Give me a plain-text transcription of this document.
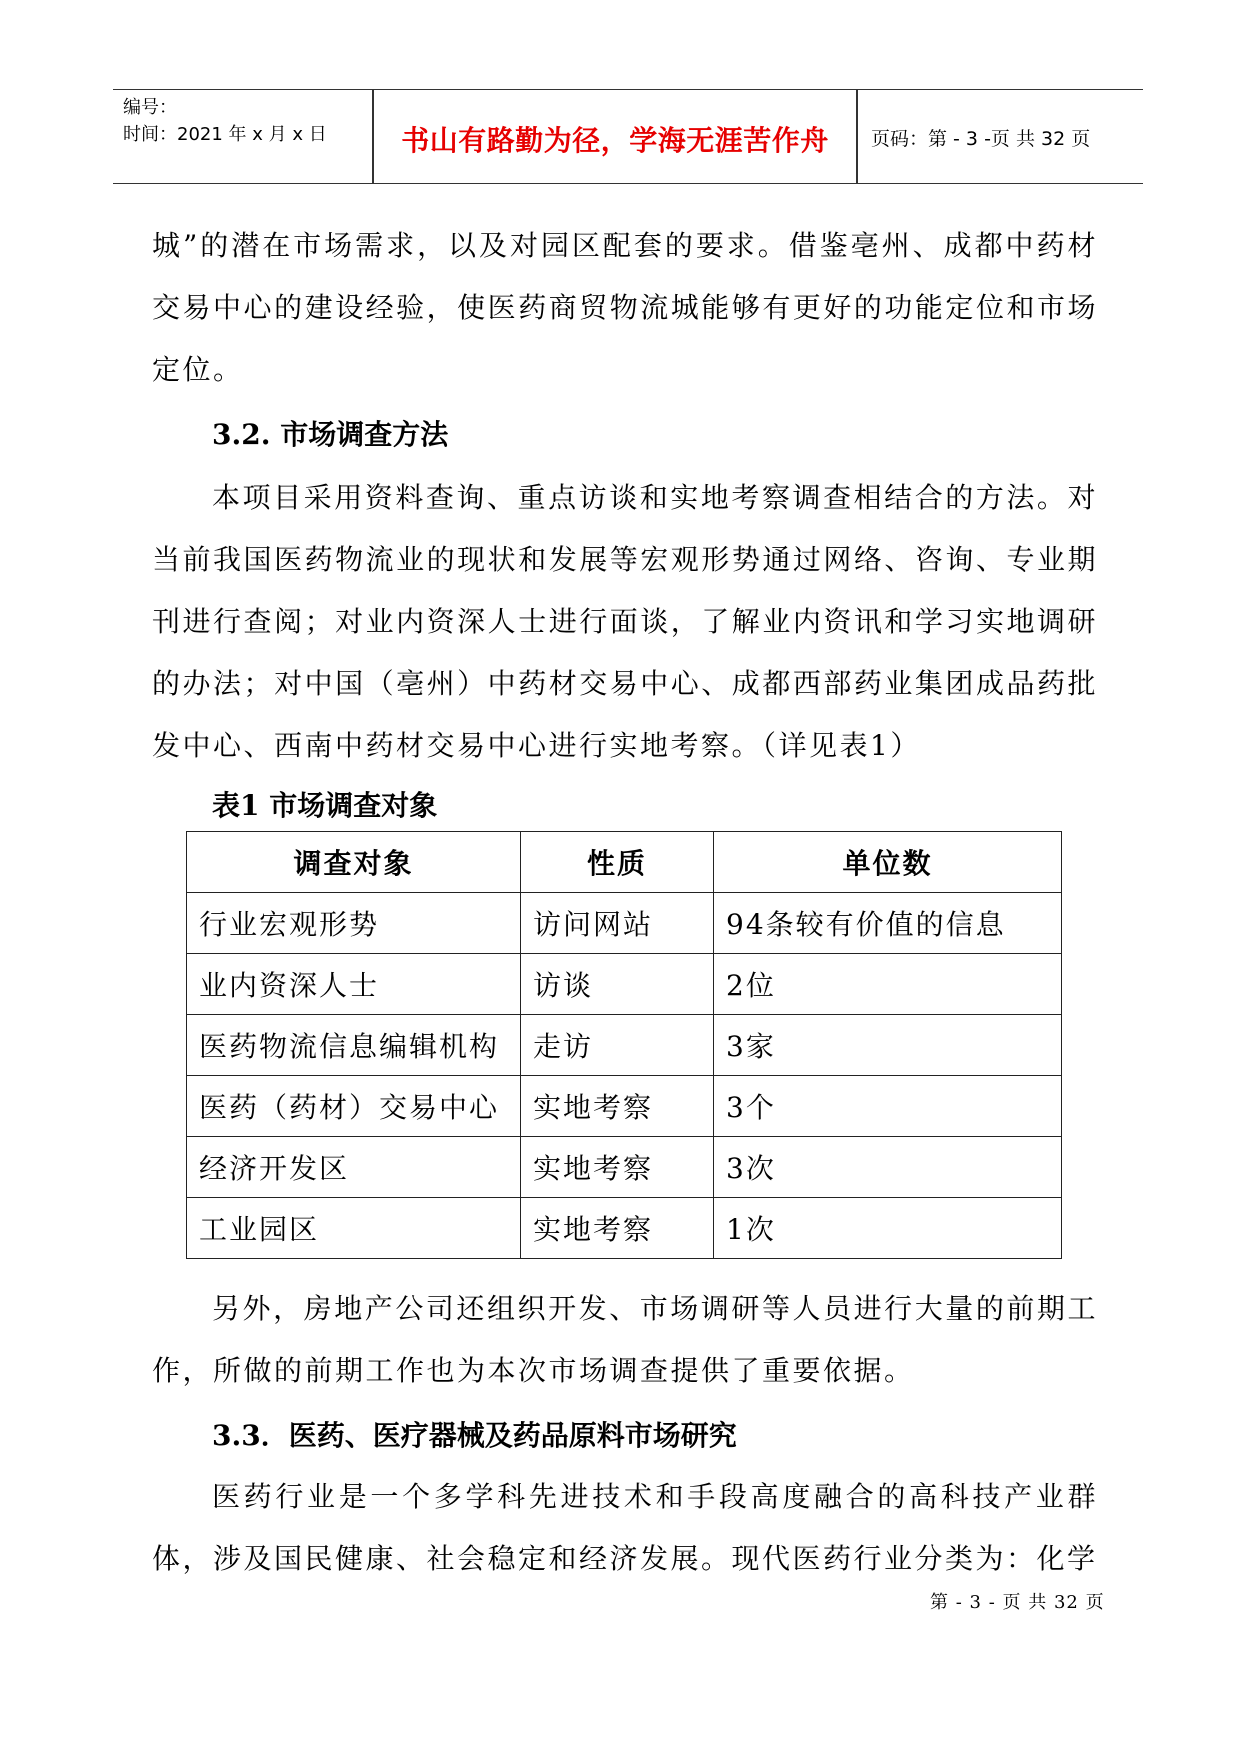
编号：
时间：2021 年 x 月 x 日	书山有路勤为径，学海无涯苦作舟	页码：第 - 3 -页 共 32 页

城”的潜在市场需求，以及对园区配套的要求。借鉴亳州、成都中药材交易中心的建设经验，使医药商贸物流城能够有更好的功能定位和市场定位。

3.2. 市场调查方法

本项目采用资料查询、重点访谈和实地考察调查相结合的方法。对当前我国医药物流业的现状和发展等宏观形势通过网络、咨询、专业期刊进行查阅；对业内资深人士进行面谈，了解业内资讯和学习实地调研的办法；对中国（亳州）中药材交易中心、成都西部药业集团成品药批发中心、西南中药材交易中心进行实地考察。（详见表1）

表1 市场调查对象
调查对象	性质	单位数
行业宏观形势	访问网站	94条较有价值的信息
业内资深人士	访谈	2位
医药物流信息编辑机构	走访	3家
医药（药材）交易中心	实地考察	3个
经济开发区	实地考察	3次
工业园区	实地考察	1次

另外，房地产公司还组织开发、市场调研等人员进行大量的前期工作，所做的前期工作也为本次市场调查提供了重要依据。

3.3．医药、医疗器械及药品原料市场研究

医药行业是一个多学科先进技术和手段高度融合的高科技产业群体，涉及国民健康、社会稳定和经济发展。现代医药行业分类为：化学

第 - 3 - 页 共 32 页
